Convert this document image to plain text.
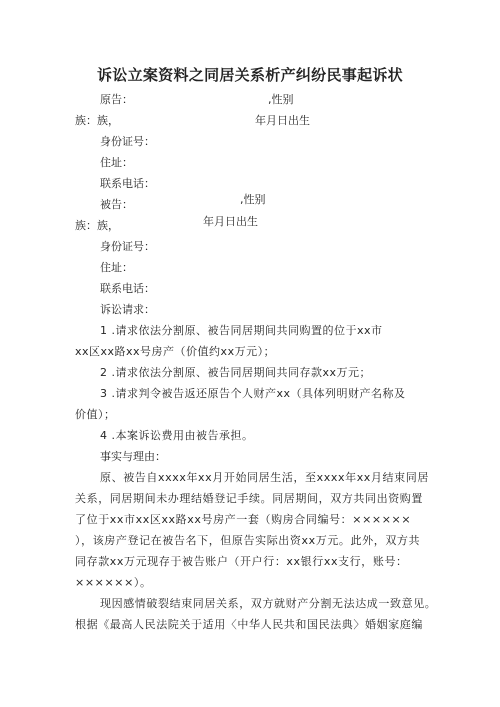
诉讼立案资料之同居关系析产纠纷民事起诉状
原告：	,性别
族：族，	年月日出生
身份证号：
住址：
联系电话：
被告：	,性别
族：族，	年月日出生
身份证号：
住址：
联系电话：
诉讼请求：
1 .请求依法分割原、被告同居期间共同购置的位于xx市
xx区xx路xx号房产（价值约xx万元）；
2 .请求依法分割原、被告同居期间共同存款xx万元；
3 .请求判令被告返还原告个人财产xx（具体列明财产名称及
价值）；
4 .本案诉讼费用由被告承担。
事实与理由：
原、被告自xxxx年xx月开始同居生活，至xxxx年xx月结束同居
关系，同居期间未办理结婚登记手续。同居期间，双方共同出资购置
了位于xx市xx区xx路xx号房产一套（购房合同编号：××××××
），该房产登记在被告名下，但原告实际出资xx万元。此外，双方共
同存款xx万元现存于被告账户（开户行：xx银行xx支行，账号：
××××××）。
现因感情破裂结束同居关系，双方就财产分割无法达成一致意见。
根据《最高人民法院关于适用〈中华人民共和国民法典〉婚姻家庭编
